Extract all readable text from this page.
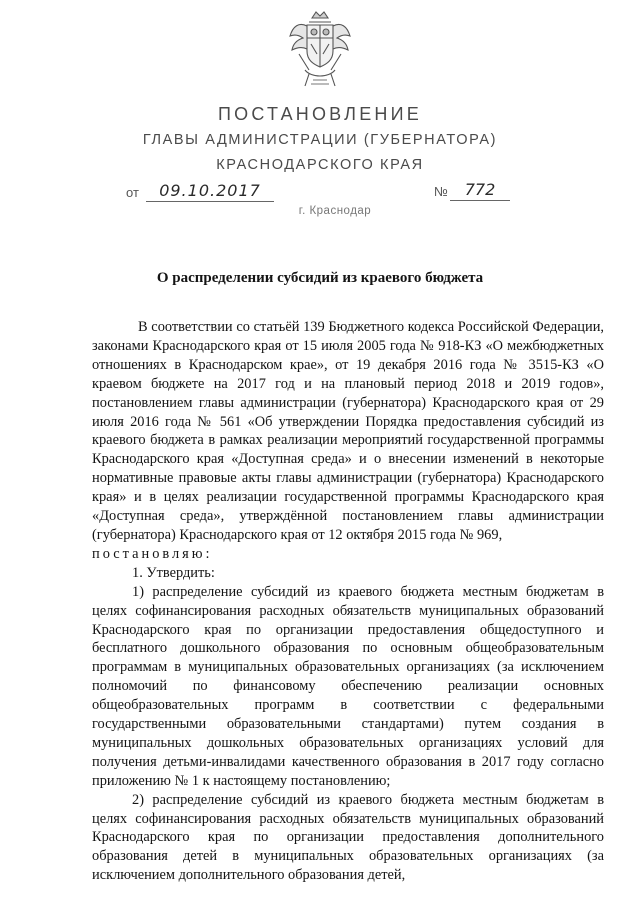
ПОСТАНОВЛЕНИЕ
ГЛАВЫ АДМИНИСТРАЦИИ (ГУБЕРНАТОРА)
КРАСНОДАРСКОГО КРАЯ
от	09.10.2017	№	772
г. Краснодар
О распределении субсидий из краевого бюджета

В соответствии со статьёй 139 Бюджетного кодекса Российской Федерации, законами Краснодарского края от 15 июля 2005 года № 918-КЗ «О межбюджетных отношениях в Краснодарском крае», от 19 декабря 2016 года № 3515-КЗ «О краевом бюджете на 2017 год и на плановый период 2018 и 2019 годов», постановлением главы администрации (губернатора) Краснодарского края от 29 июля 2016 года № 561 «Об утверждении Порядка предоставления субсидий из краевого бюджета в рамках реализации мероприятий государственной программы Краснодарского края «Доступная среда» и о внесении изменений в некоторые нормативные правовые акты главы администрации (губернатора) Краснодарского края» и в целях реализации государственной программы Краснодарского края «Доступная среда», утверждённой постановлением главы администрации (губернатора) Краснодарского края от 12 октября 2015 года № 969,

постановляю:

1. Утвердить:

1) распределение субсидий из краевого бюджета местным бюджетам в целях софинансирования расходных обязательств муниципальных образований Краснодарского края по организации предоставления общедоступного и бесплатного дошкольного образования по основным общеобразовательным программам в муниципальных образовательных организациях (за исключением полномочий по финансовому обеспечению реализации основных общеобразовательных программ в соответствии с федеральными государственными образовательными стандартами) путем создания в муниципальных дошкольных образовательных организациях условий для получения детьми-инвалидами качественного образования в 2017 году согласно приложению № 1 к настоящему постановлению;

2) распределение субсидий из краевого бюджета местным бюджетам в целях софинансирования расходных обязательств муниципальных образований Краснодарского края по организации предоставления дополнительного образования детей в муниципальных образовательных организациях (за исключением дополнительного образования детей,
